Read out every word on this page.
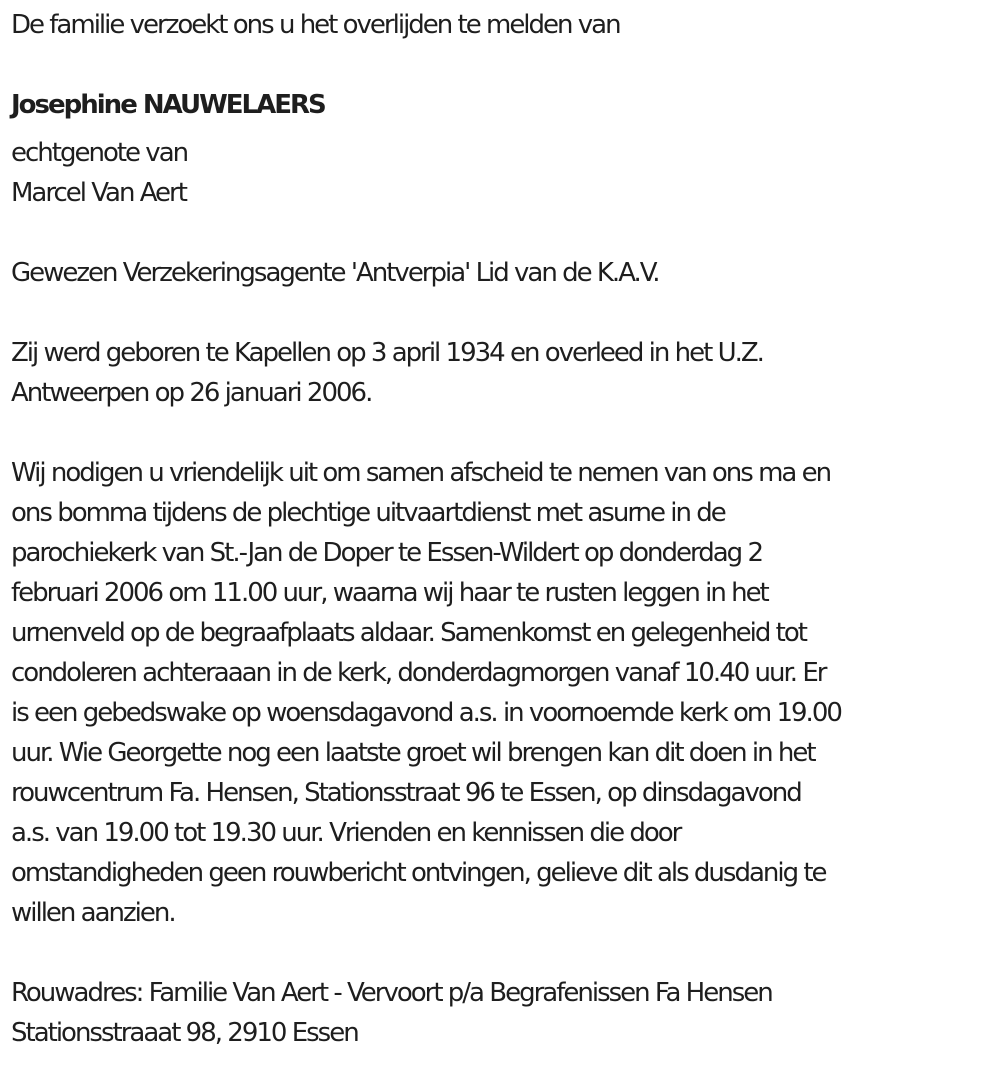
De familie verzoekt ons u het overlijden te melden van

Josephine NAUWELAERS

echtgenote van

Marcel Van Aert

Gewezen Verzekeringsagente 'Antverpia' Lid van de K.A.V.

Zij werd geboren te Kapellen op 3 april 1934 en overleed in het U.Z.

Antweerpen op 26 januari 2006.

Wij nodigen u vriendelijk uit om samen afscheid te nemen van ons ma en

ons bomma tijdens de plechtige uitvaartdienst met asurne in de

parochiekerk van St.-Jan de Doper te Essen-Wildert op donderdag 2

februari 2006 om 11.00 uur, waarna wij haar te rusten leggen in het

urnenveld op de begraafplaats aldaar. Samenkomst en gelegenheid tot

condoleren achteraaan in de kerk, donderdagmorgen vanaf 10.40 uur. Er

is een gebedswake op woensdagavond a.s. in voornoemde kerk om 19.00

uur. Wie Georgette nog een laatste groet wil brengen kan dit doen in het

rouwcentrum Fa. Hensen, Stationsstraat 96 te Essen, op dinsdagavond

a.s. van 19.00 tot 19.30 uur. Vrienden en kennissen die door

omstandigheden geen rouwbericht ontvingen, gelieve dit als dusdanig te

willen aanzien.

Rouwadres: Familie Van Aert - Vervoort p/a Begrafenissen Fa Hensen

Stationsstraaat 98, 2910 Essen
